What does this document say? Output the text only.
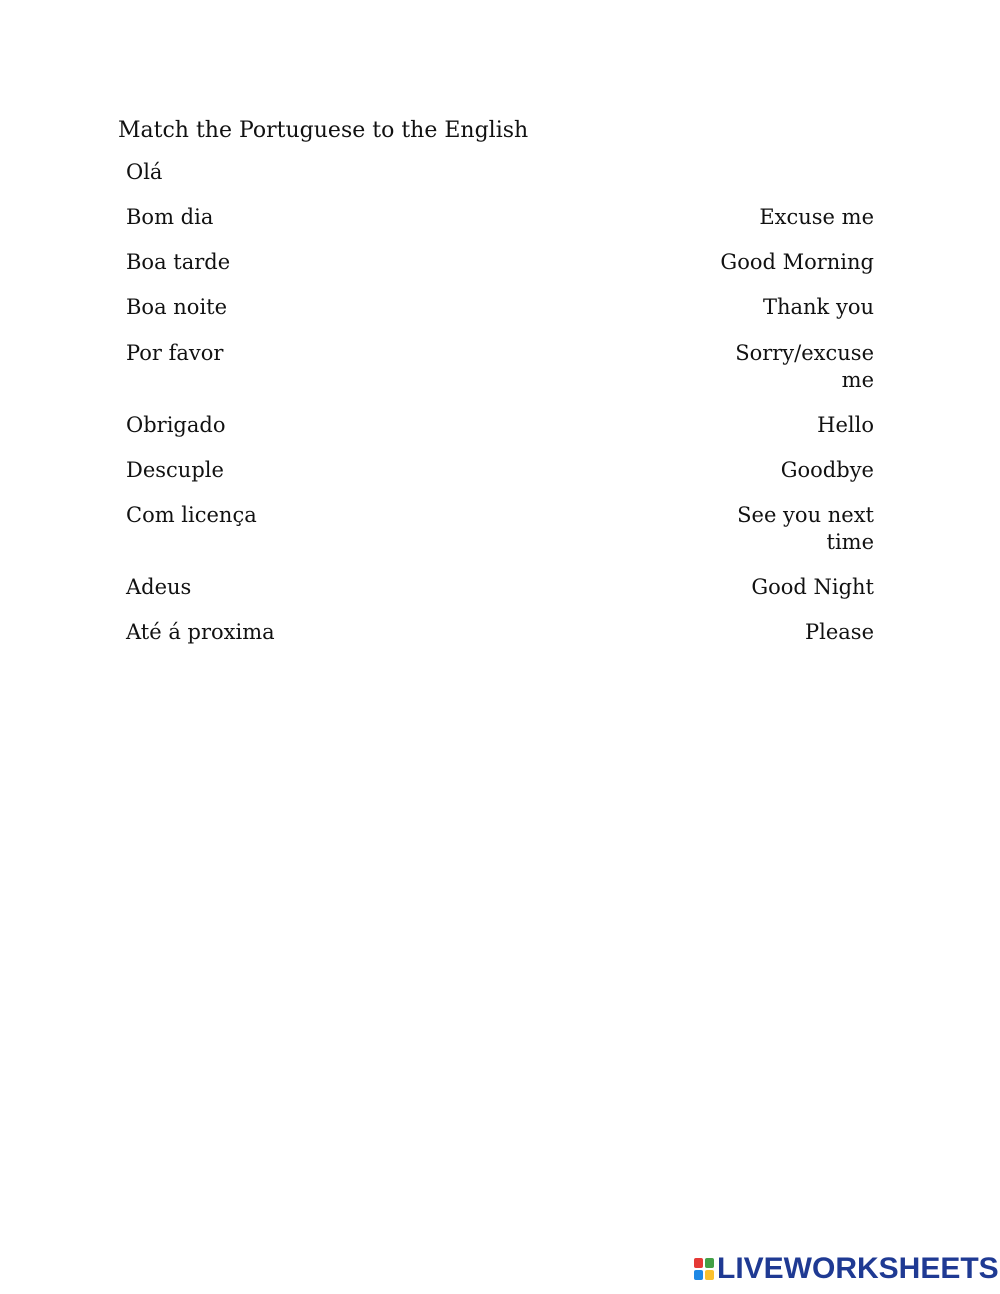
Match the Portuguese to the English
Olá
Bom dia	Excuse me
Boa tarde	Good Morning
Boa noite	Thank you
Por favor	Sorry/excuse me
Obrigado	Hello
Descuple	Goodbye
Com licença	See you next time
Adeus	Good Night
Até á proxima	Please
LIVEWORKSHEETS
